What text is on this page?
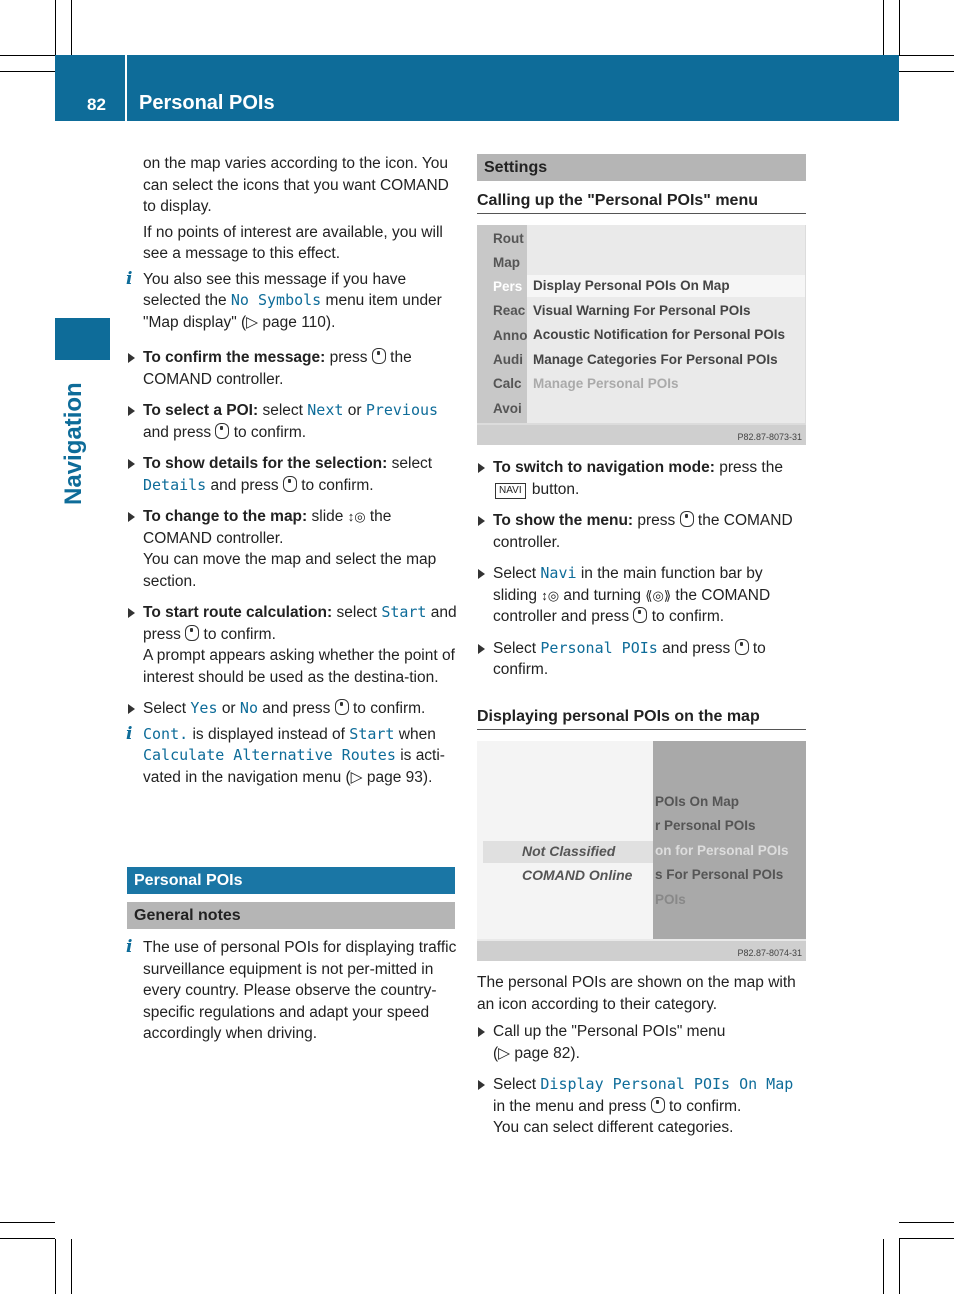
82 Personal POIs
Navigation

on the map varies according to the icon. You can select the icons that you want COMAND to display.

If no points of interest are available, you will see a message to this effect.

i You also see this message if you have selected the No Symbols menu item under "Map display" (▷ page 110).
To confirm the message: press the COMAND controller.
To select a POI: select Next or Previous and press to confirm.
To show details for the selection: select Details and press to confirm.
To change to the map: slide ↕◎ the COMAND controller.
You can move the map and select the map section.
To start route calculation: select Start and press to confirm.
A prompt appears asking whether the point of interest should be used as the destina-tion.
Select Yes or No and press to confirm.
i Cont. is displayed instead of Start when Calculate Alternative Routes is acti-vated in the navigation menu (▷ page 93).
Personal POIs
General notes
i The use of personal POIs for displaying traffic surveillance equipment is not per-mitted in every country. Please observe the country-specific regulations and adapt your speed accordingly when driving.
Settings
Calling up the "Personal POIs" menu
Rout
Map
Pers
Reac
Anno
Audi
Calc
Avoi
Display Personal POIs On Map
Visual Warning For Personal POIs
Acoustic Notification for Personal POIs
Manage Categories For Personal POIs
Manage Personal POIs
P82.87-8073-31
To switch to navigation mode: press the NAVI button.
To show the menu: press the COMAND controller.
Select Navi in the main function bar by sliding ↕◎ and turning ⟪◎⟫ the COMAND controller and press to confirm.
Select Personal POIs and press to confirm.
Displaying personal POIs on the map
Not Classified
COMAND Online
POIs On Map
r Personal POIs
on for Personal POIs
s For Personal POIs
POIs
P82.87-8074-31

The personal POIs are shown on the map with an icon according to their category.

Call up the "Personal POIs" menu
(▷ page 82).
Select Display Personal POIs On Map in the menu and press to confirm.
You can select different categories.
